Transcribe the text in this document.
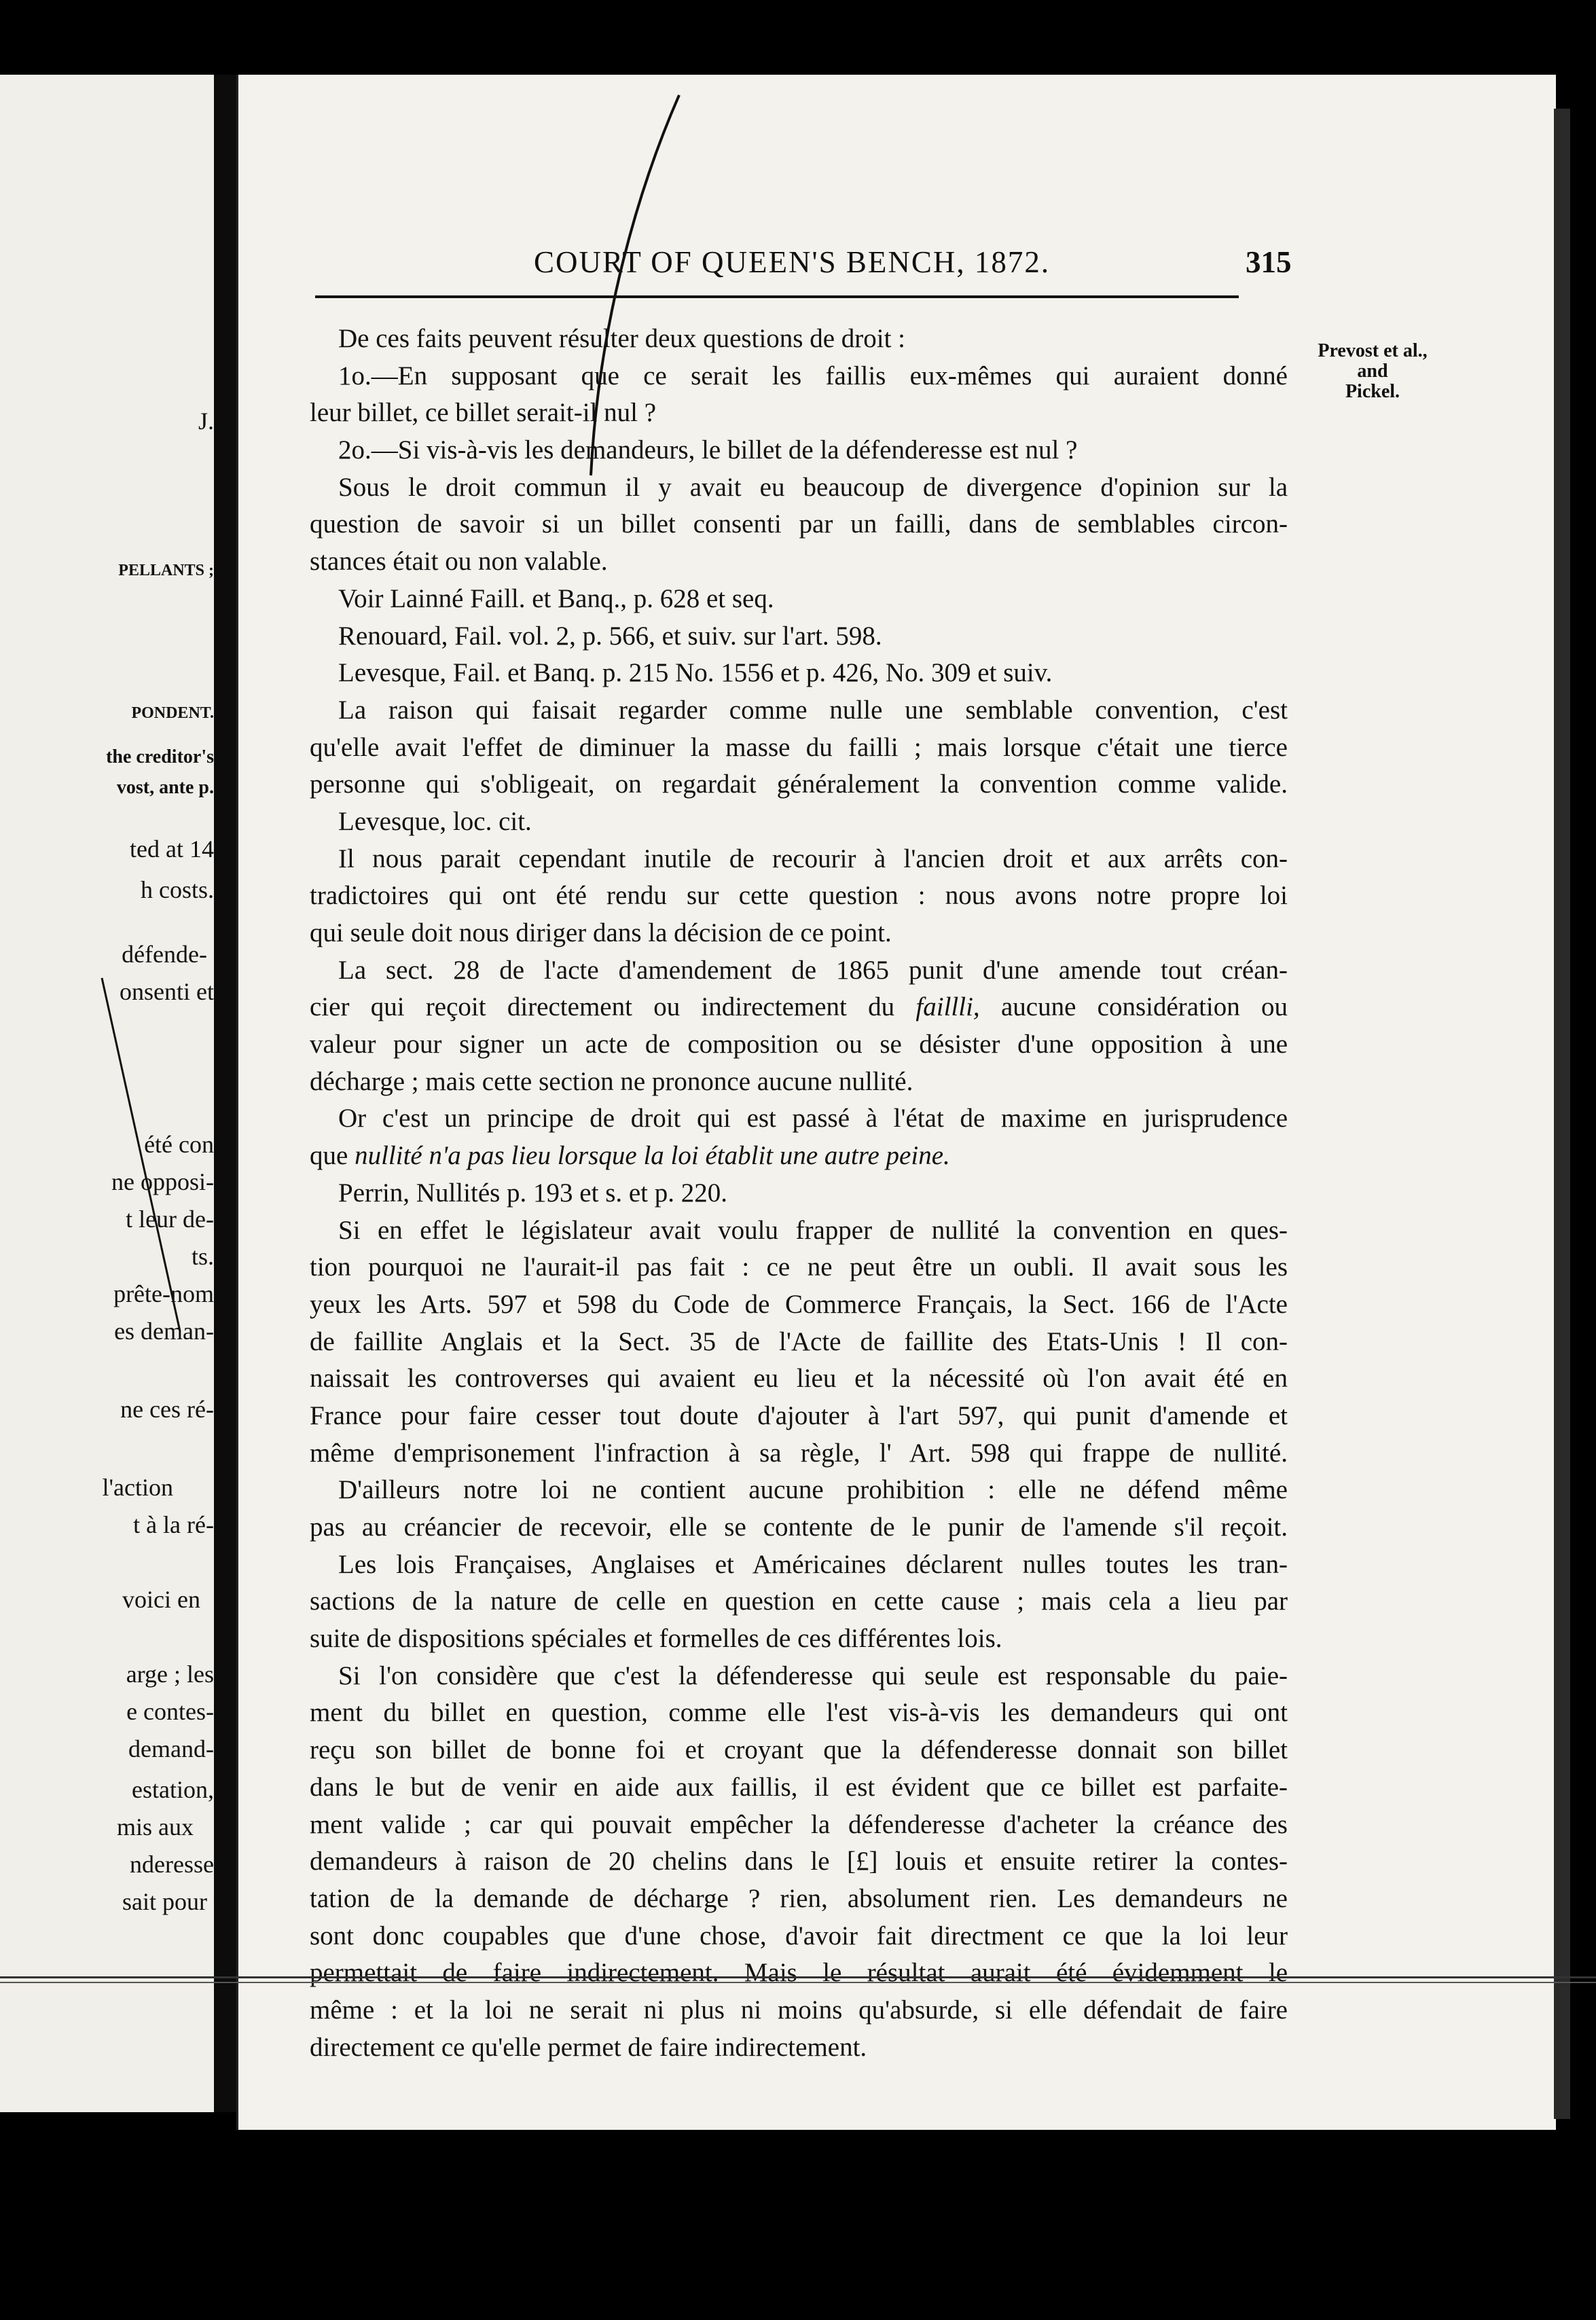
J.
PELLANTS ;
PONDENT.
the creditor's
vost, ante p.
ted at 14
h costs.
défende-
onsenti et
été con
ne opposi-
t leur de-
ts.
prête-nom
es deman-
ne ces ré-
l'action
t à la ré-
voici en
arge ; les
e contes-
demand-
estation,
mis aux
nderesse
sait pour
COURT OF QUEEN'S BENCH, 1872.	315
Prevost et al.,
and
Pickel.
De ces faits peuvent résulter deux questions de droit :
1o.—En supposant que ce serait les faillis eux-mêmes qui auraient donné
leur billet, ce billet serait-il nul ?
2o.—Si vis-à-vis les demandeurs, le billet de la défenderesse est nul ?
Sous le droit commun il y avait eu beaucoup de divergence d'opinion sur la
question de savoir si un billet consenti par un failli, dans de semblables circon-
stances était ou non valable.
Voir Lainné Faill. et Banq., p. 628 et seq.
Renouard, Fail. vol. 2, p. 566, et suiv. sur l'art. 598.
Levesque, Fail. et Banq. p. 215 No. 1556 et p. 426, No. 309 et suiv.
La raison qui faisait regarder comme nulle une semblable convention, c'est
qu'elle avait l'effet de diminuer la masse du failli ; mais lorsque c'était une tierce
personne qui s'obligeait, on regardait généralement la convention comme valide.
Levesque, loc. cit.
Il nous parait cependant inutile de recourir à l'ancien droit et aux arrêts con-
tradictoires qui ont été rendu sur cette question : nous avons notre propre loi
qui seule doit nous diriger dans la décision de ce point.
La sect. 28 de l'acte d'amendement de 1865 punit d'une amende tout créan-
cier qui reçoit directement ou indirectement du faillli, aucune considération ou
valeur pour signer un acte de composition ou se désister d'une opposition à une
décharge ; mais cette section ne prononce aucune nullité.
Or c'est un principe de droit qui est passé à l'état de maxime en jurisprudence
que nullité n'a pas lieu lorsque la loi établit une autre peine.
Perrin, Nullités p. 193 et s. et p. 220.
Si en effet le législateur avait voulu frapper de nullité la convention en ques-
tion pourquoi ne l'aurait-il pas fait : ce ne peut être un oubli. Il avait sous les
yeux les Arts. 597 et 598 du Code de Commerce Français, la Sect. 166 de l'Acte
de faillite Anglais et la Sect. 35 de l'Acte de faillite des Etats-Unis ! Il con-
naissait les controverses qui avaient eu lieu et la nécessité où l'on avait été en
France pour faire cesser tout doute d'ajouter à l'art 597, qui punit d'amende et
même d'emprisonement l'infraction à sa règle, l' Art. 598 qui frappe de nullité.
D'ailleurs notre loi ne contient aucune prohibition : elle ne défend même
pas au créancier de recevoir, elle se contente de le punir de l'amende s'il reçoit.
Les lois Françaises, Anglaises et Américaines déclarent nulles toutes les tran-
sactions de la nature de celle en question en cette cause ; mais cela a lieu par
suite de dispositions spéciales et formelles de ces différentes lois.
Si l'on considère que c'est la défenderesse qui seule est responsable du paie-
ment du billet en question, comme elle l'est vis-à-vis les demandeurs qui ont
reçu son billet de bonne foi et croyant que la défenderesse donnait son billet
dans le but de venir en aide aux faillis, il est évident que ce billet est parfaite-
ment valide ; car qui pouvait empêcher la défenderesse d'acheter la créance des
demandeurs à raison de 20 chelins dans le [£] louis et ensuite retirer la contes-
tation de la demande de décharge ? rien, absolument rien. Les demandeurs ne
sont donc coupables que d'une chose, d'avoir fait directment ce que la loi leur
permettait de faire indirectement. Mais le résultat aurait été évidemment le
même : et la loi ne serait ni plus ni moins qu'absurde, si elle défendait de faire
directement ce qu'elle permet de faire indirectement.
